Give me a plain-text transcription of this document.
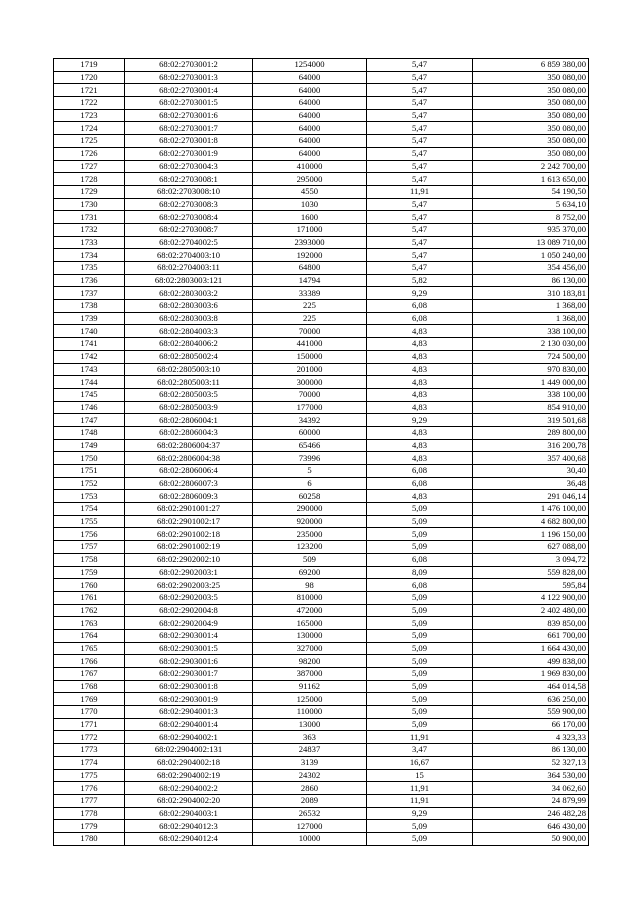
1719	68:02:2703001:2	1254000	5,47	6 859 380,00
1720	68:02:2703001:3	64000	5,47	350 080,00
1721	68:02:2703001:4	64000	5,47	350 080,00
1722	68:02:2703001:5	64000	5,47	350 080,00
1723	68:02:2703001:6	64000	5,47	350 080,00
1724	68:02:2703001:7	64000	5,47	350 080,00
1725	68:02:2703001:8	64000	5,47	350 080,00
1726	68:02:2703001:9	64000	5,47	350 080,00
1727	68:02:2703004:3	410000	5,47	2 242 700,00
1728	68:02:2703008:1	295000	5,47	1 613 650,00
1729	68:02:2703008:10	4550	11,91	54 190,50
1730	68:02:2703008:3	1030	5,47	5 634,10
1731	68:02:2703008:4	1600	5,47	8 752,00
1732	68:02:2703008:7	171000	5,47	935 370,00
1733	68:02:2704002:5	2393000	5,47	13 089 710,00
1734	68:02:2704003:10	192000	5,47	1 050 240,00
1735	68:02:2704003:11	64800	5,47	354 456,00
1736	68:02:2803003:121	14794	5,82	86 130,00
1737	68:02:2803003:2	33389	9,29	310 183,81
1738	68:02:2803003:6	225	6,08	1 368,00
1739	68:02:2803003:8	225	6,08	1 368,00
1740	68:02:2804003:3	70000	4,83	338 100,00
1741	68:02:2804006:2	441000	4,83	2 130 030,00
1742	68:02:2805002:4	150000	4,83	724 500,00
1743	68:02:2805003:10	201000	4,83	970 830,00
1744	68:02:2805003:11	300000	4,83	1 449 000,00
1745	68:02:2805003:5	70000	4,83	338 100,00
1746	68:02:2805003:9	177000	4,83	854 910,00
1747	68:02:2806004:1	34392	9,29	319 501,68
1748	68:02:2806004:3	60000	4,83	289 800,00
1749	68:02:2806004:37	65466	4,83	316 200,78
1750	68:02:2806004:38	73996	4,83	357 400,68
1751	68:02:2806006:4	5	6,08	30,40
1752	68:02:2806007:3	6	6,08	36,48
1753	68:02:2806009:3	60258	4,83	291 046,14
1754	68:02:2901001:27	290000	5,09	1 476 100,00
1755	68:02:2901002:17	920000	5,09	4 682 800,00
1756	68:02:2901002:18	235000	5,09	1 196 150,00
1757	68:02:2901002:19	123200	5,09	627 088,00
1758	68:02:2902002:10	509	6,08	3 094,72
1759	68:02:2902003:1	69200	8,09	559 828,00
1760	68:02:2902003:25	98	6,08	595,84
1761	68:02:2902003:5	810000	5,09	4 122 900,00
1762	68:02:2902004:8	472000	5,09	2 402 480,00
1763	68:02:2902004:9	165000	5,09	839 850,00
1764	68:02:2903001:4	130000	5,09	661 700,00
1765	68:02:2903001:5	327000	5,09	1 664 430,00
1766	68:02:2903001:6	98200	5,09	499 838,00
1767	68:02:2903001:7	387000	5,09	1 969 830,00
1768	68:02:2903001:8	91162	5,09	464 014,58
1769	68:02:2903001:9	125000	5,09	636 250,00
1770	68:02:2904001:3	110000	5,09	559 900,00
1771	68:02:2904001:4	13000	5,09	66 170,00
1772	68:02:2904002:1	363	11,91	4 323,33
1773	68:02:2904002:131	24837	3,47	86 130,00
1774	68:02:2904002:18	3139	16,67	52 327,13
1775	68:02:2904002:19	24302	15	364 530,00
1776	68:02:2904002:2	2860	11,91	34 062,60
1777	68:02:2904002:20	2089	11,91	24 879,99
1778	68:02:2904003:1	26532	9,29	246 482,28
1779	68:02:2904012:3	127000	5,09	646 430,00
1780	68:02:2904012:4	10000	5,09	50 900,00
